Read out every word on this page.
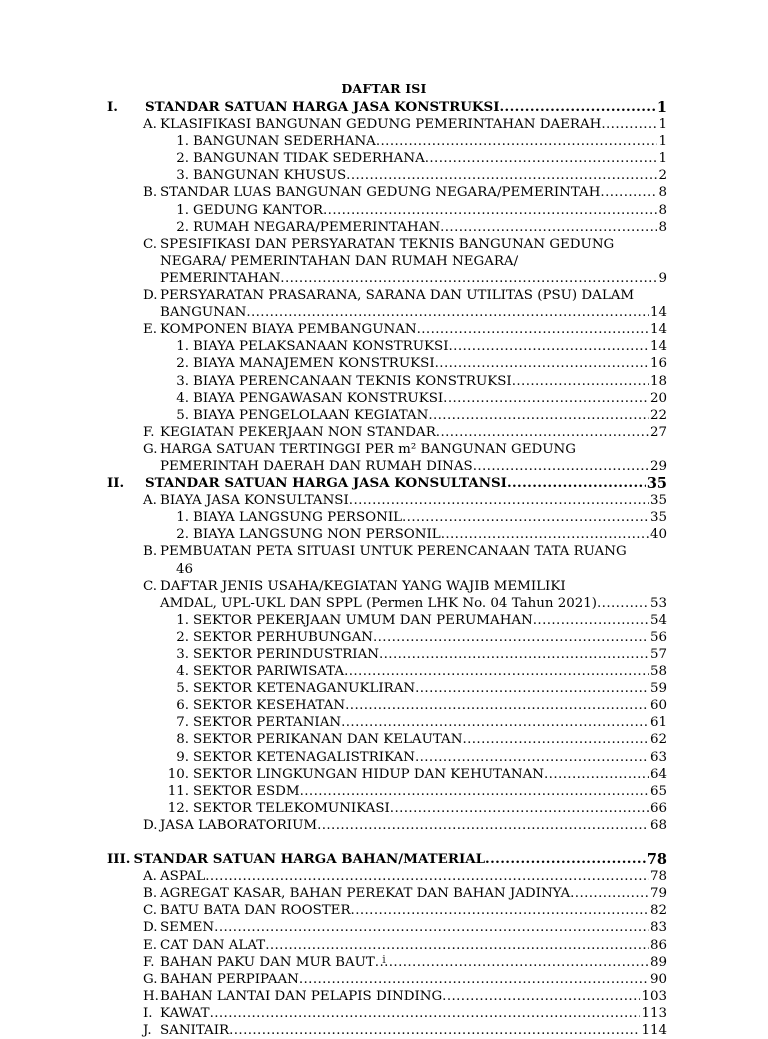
DAFTAR ISI
I.	STANDAR SATUAN HARGA JASA KONSTRUKSI .....	1
A. KLASIFIKASI BANGUNAN GEDUNG PEMERINTAHAN DAERAH .....	1
1. BANGUNAN SEDERHANA .....	1
2. BANGUNAN TIDAK SEDERHANA .....	1
3. BANGUNAN KHUSUS .....	2
B. STANDAR LUAS BANGUNAN GEDUNG NEGARA/PEMERINTAH .....	8
1. GEDUNG KANTOR .....	8
2. RUMAH NEGARA/PEMERINTAHAN .....	8
C. SPESIFIKASI DAN PERSYARATAN TEKNIS BANGUNAN GEDUNG
NEGARA/ PEMERINTAHAN DAN RUMAH NEGARA/
PEMERINTAHAN .....	9
D. PERSYARATAN PRASARANA, SARANA DAN UTILITAS (PSU) DALAM
BANGUNAN .....	14
E. KOMPONEN BIAYA PEMBANGUNAN .....	14
1. BIAYA PELAKSANAAN KONSTRUKSI .....	14
2. BIAYA MANAJEMEN KONSTRUKSI .....	16
3. BIAYA PERENCANAAN TEKNIS KONSTRUKSI .....	18
4. BIAYA PENGAWASAN KONSTRUKSI .....	20
5. BIAYA PENGELOLAAN KEGIATAN .....	22
F. KEGIATAN PEKERJAAN NON STANDAR .....	27
G. HARGA SATUAN TERTINGGI PER m² BANGUNAN GEDUNG
PEMERINTAH DAERAH DAN RUMAH DINAS .....	29
II.	STANDAR SATUAN HARGA JASA KONSULTANSI .....	35
A. BIAYA JASA KONSULTANSI .....	35
1. BIAYA LANGSUNG PERSONIL .....	35
2. BIAYA LANGSUNG NON PERSONIL .....	40
B. PEMBUATAN PETA SITUASI UNTUK PERENCANAAN TATA RUANG
46
C. DAFTAR JENIS USAHA/KEGIATAN YANG WAJIB MEMILIKI
AMDAL, UPL-UKL DAN SPPL (Permen LHK No. 04 Tahun 2021) .....	53
1. SEKTOR PEKERJAAN UMUM DAN PERUMAHAN .....	54
2. SEKTOR PERHUBUNGAN .....	56
3. SEKTOR PERINDUSTRIAN .....	57
4. SEKTOR PARIWISATA .....	58
5. SEKTOR KETENAGANUKLIRAN .....	59
6. SEKTOR KESEHATAN .....	60
7. SEKTOR PERTANIAN .....	61
8. SEKTOR PERIKANAN DAN KELAUTAN .....	62
9. SEKTOR KETENAGALISTRIKAN .....	63
10. SEKTOR LINGKUNGAN HIDUP DAN KEHUTANAN .....	64
11. SEKTOR ESDM .....	65
12. SEKTOR TELEKOMUNIKASI .....	66
D. JASA LABORATORIUM .....	68
III. STANDAR SATUAN HARGA BAHAN/MATERIAL .....	78
A. ASPAL .....	78
B. AGREGAT KASAR, BAHAN PEREKAT DAN BAHAN JADINYA .....	79
C. BATU BATA DAN ROOSTER .....	82
D. SEMEN .....	83
E. CAT DAN ALAT .....	86
F. BAHAN PAKU DAN MUR BAUT .....	89
G. BAHAN PERPIPAAN .....	90
H. BAHAN LANTAI DAN PELAPIS DINDING .....	103
I. KAWAT .....	113
J. SANITAIR .....	114
i
